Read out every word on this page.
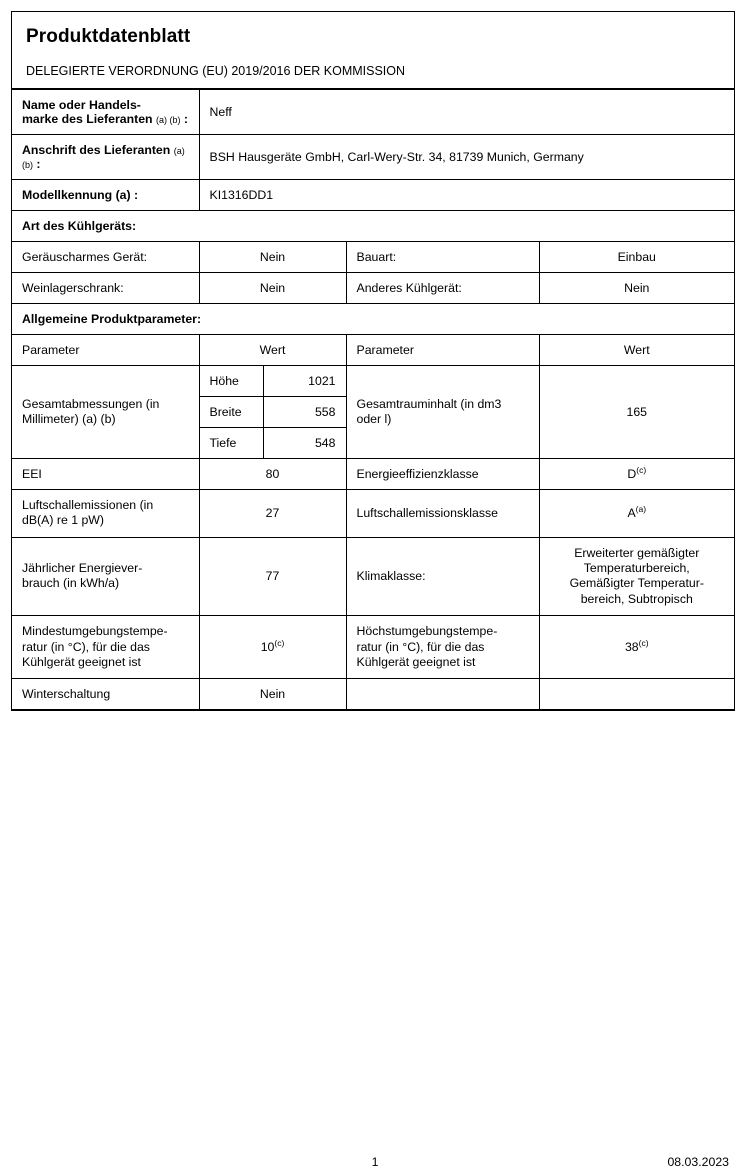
Produktdatenblatt
DELEGIERTE VERORDNUNG (EU) 2019/2016 DER KOMMISSION
Name oder Handels-
marke des Lieferanten (a) (b) :	Neff			
Anschrift des Lieferanten (a) (b) :	BSH Hausgeräte GmbH, Carl-Wery-Str. 34, 81739 Munich, Germany			
Modellkennung (a) :	KI1316DD1			
Art des Kühlgeräts:				
Geräuscharmes Gerät:	Nein		Bauart:	Einbau
Weinlagerschrank:	Nein		Anderes Kühlgerät:	Nein
Allgemeine Produktparameter:				
Parameter	Wert		Parameter	Wert
Gesamtabmessungen (in
Millimeter) (a) (b)	Höhe	1021	Gesamtrauminhalt (in dm3
oder l)	165
	Breite	558		
	Tiefe	548		
EEI	80		Energieeffizienzklasse	$D^{(c)}$
Luftschallemissionen (in
dB(A) re 1 pW)	27		Luftschallemissionsklasse	$A^{(a)}$
Jährlicher Energiever-
brauch (in kWh/a)	77		Klimaklasse:	Erweiterter gemäßigter
Temperaturbereich,
Gemäßigter Temperatur-
bereich, Subtropisch
Mindestumgebungstempe-
ratur (in °C), für die das
Kühlgerät geeignet ist	10$^{(c)}$		Höchstumgebungstempe-
ratur (in °C), für die das
Kühlgerät geeignet ist	38$^{(c)}$
Winterschaltung	Nein			
1	08.03.2023
